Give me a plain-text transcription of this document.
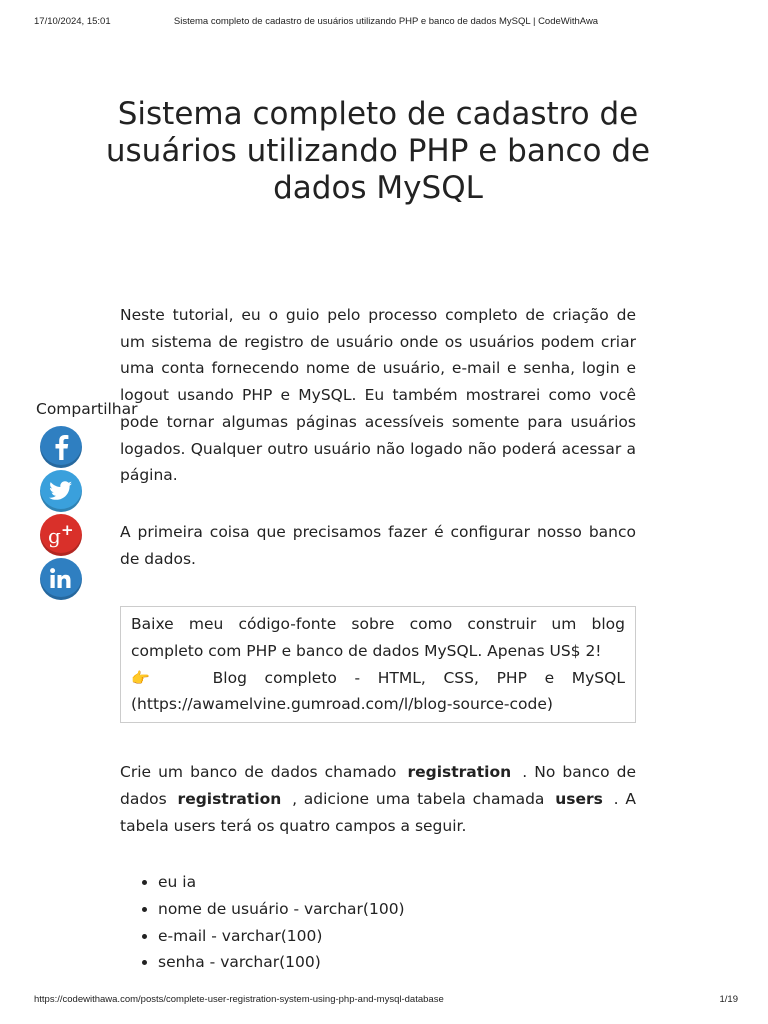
17/10/2024, 15:01	Sistema completo de cadastro de usuários utilizando PHP e banco de dados MySQL | CodeWithAwa
Sistema completo de cadastro de usuários utilizando PHP e banco de dados MySQL
Compartilhar
g +

Neste tutorial, eu o guio pelo processo completo de criação de um sistema de registro de usuário onde os usuários podem criar uma conta fornecendo nome de usuário, e-mail e senha, login e logout usando PHP e MySQL. Eu também mostrarei como você pode tornar algumas páginas acessíveis somente para usuários logados. Qualquer outro usuário não logado não poderá acessar a página.

A primeira coisa que precisamos fazer é configurar nosso banco de dados.

Baixe meu código-fonte sobre como construir um blog completo com PHP e banco de dados MySQL. Apenas US$ 2!

👉	Blog completo - HTML, CSS, PHP e MySQL

(https://awamelvine.gumroad.com/l/blog-source-code)

Crie um banco de dados chamado registration . No banco de dados registration , adicione uma tabela chamada users . A tabela users terá os quatro campos a seguir.

• eu ia
• nome de usuário - varchar(100)
• e-mail - varchar(100)
• senha - varchar(100)
https://codewithawa.com/posts/complete-user-registration-system-using-php-and-mysql-database	1/19
